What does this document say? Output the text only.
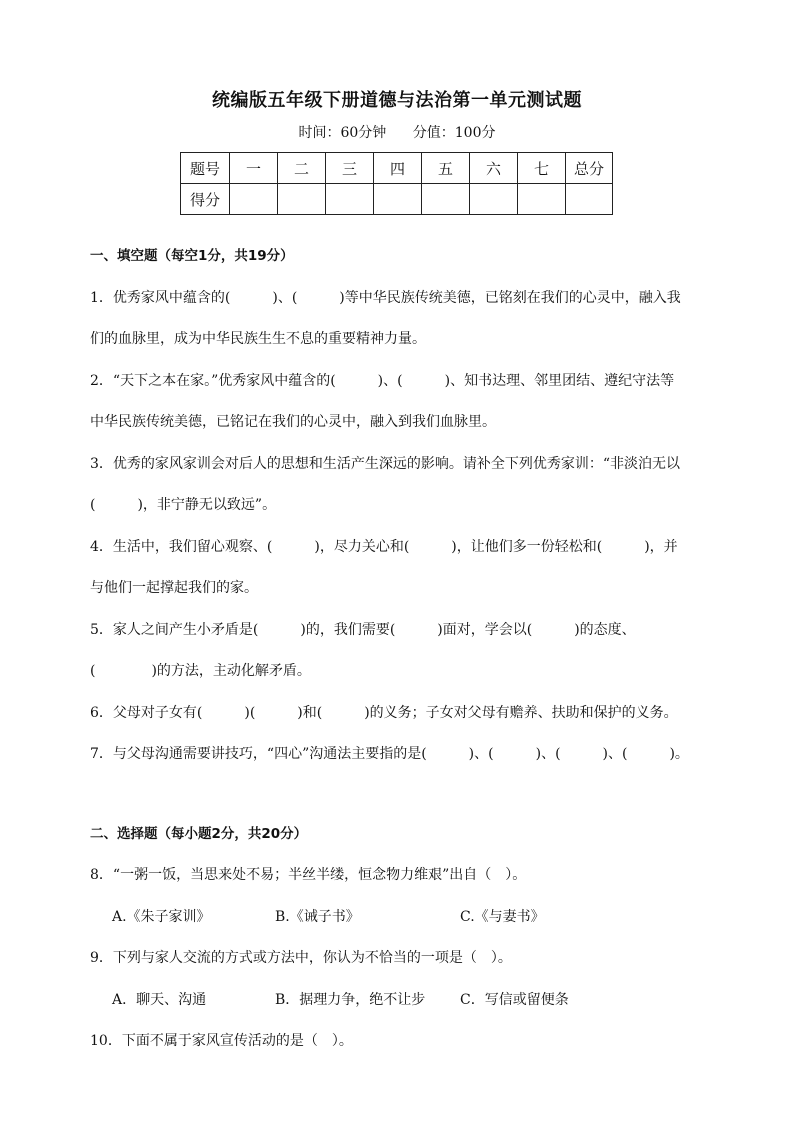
统编版五年级下册道德与法治第一单元测试题
时间：60分钟 分值：100分
题号	一	二	三	四	五	六	七	总分
得分								
一、填空题（每空1分，共19分）
1．优秀家风中蕴含的(　　　)、(　　　)等中华民族传统美德，已铭刻在我们的心灵中，融入我
们的血脉里，成为中华民族生生不息的重要精神力量。
2．“天下之本在家。”优秀家风中蕴含的(　　　)、(　　　)、知书达理、邻里团结、遵纪守法等
中华民族传统美德，已铭记在我们的心灵中，融入到我们血脉里。
3．优秀的家风家训会对后人的思想和生活产生深远的影响。请补全下列优秀家训：“非淡泊无以
(　　　)，非宁静无以致远”。
4．生活中，我们留心观察、(　　　)，尽力关心和(　　　)，让他们多一份轻松和(　　　)，并
与他们一起撑起我们的家。
5．家人之间产生小矛盾是(　　　)的，我们需要(　　　)面对，学会以(　　　)的态度、
(　　　　)的方法，主动化解矛盾。
6．父母对子女有(　　　)(　　　)和(　　　)的义务；子女对父母有赡养、扶助和保护的义务。
7．与父母沟通需要讲技巧，“四心”沟通法主要指的是(　　　)、(　　　)、(　　　)、(　　　)。
二、选择题（每小题2分，共20分）
8．“一粥一饭，当思来处不易；半丝半缕，恒念物力维艰”出自（　）。
A.《朱子家训》	B.《诫子书》	C.《与妻书》
9．下列与家人交流的方式或方法中，你认为不恰当的一项是（　）。
A．聊天、沟通	B．据理力争，绝不让步	C．写信或留便条
10．下面不属于家风宣传活动的是（　）。
